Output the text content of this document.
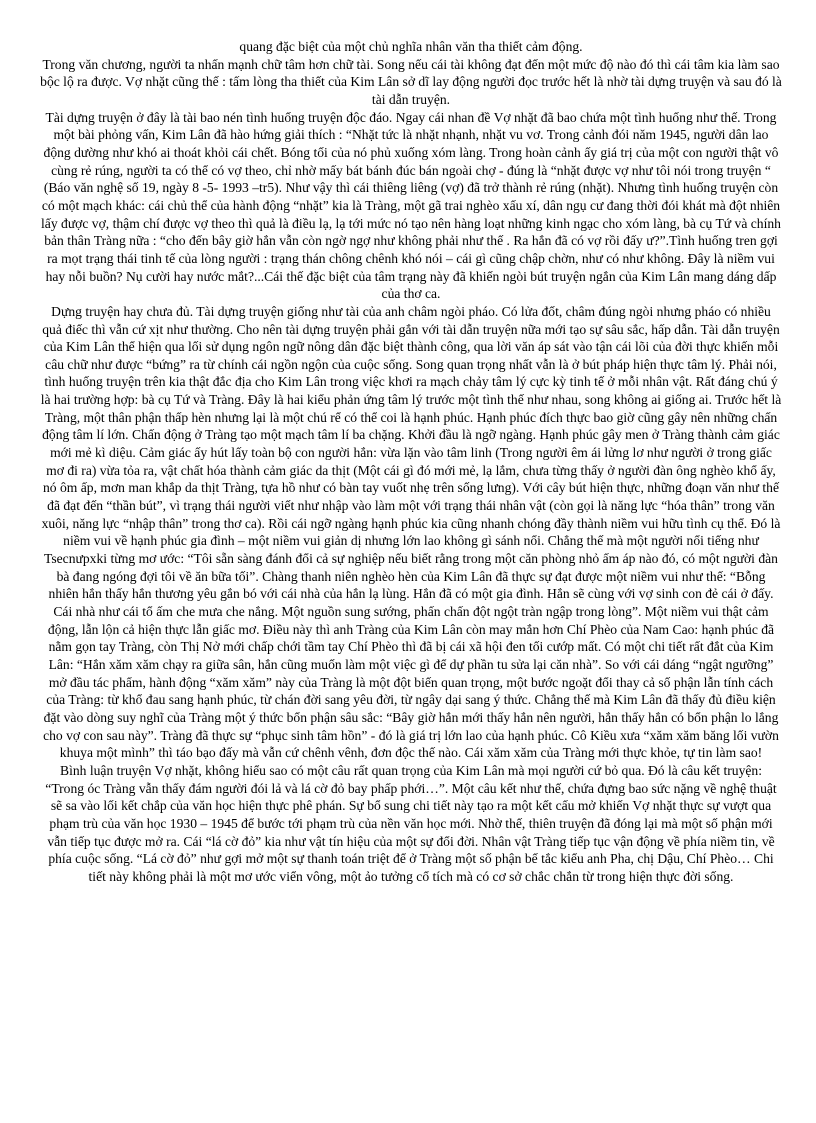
quang đặc biệt của một chủ nghĩa nhân văn tha thiết cảm động.

Trong văn chương, người ta nhấn mạnh chữ tâm hơn chữ tài. Song nếu cái tài không đạt đến một mức độ nào đó thì cái tâm kia làm sao bộc lộ ra được. Vợ nhặt cũng thế : tấm lòng tha thiết của Kim Lân sở dĩ lay động người đọc trước hết là nhờ tài dựng truyện và sau đó là tài dẫn truyện.

Tài dựng truyện ở đây là tài bao nén tình huống truyện độc đáo. Ngay cái nhan đề Vợ nhặt đã bao chứa một tình huống như thế. Trong một bài phỏng vấn, Kim Lân đã hào hứng giải thích : “Nhặt tức là nhặt nhạnh, nhặt vu vơ. Trong cảnh đói năm 1945, người dân lao động dường như khó ai thoát khỏi cái chết. Bóng tối của nó phủ xuống xóm làng. Trong hoàn cảnh ấy giá trị của một con người thật vô cùng rẻ rúng, người ta có thể có vợ theo, chỉ nhờ mấy bát bánh đúc bán ngoài chợ - đúng là “nhặt được vợ như tôi nói trong truyện “ (Báo văn nghệ số 19, ngày 8 -5- 1993 –tr5). Như vậy thì cái thiêng liêng (vợ) đã trở thành rẻ rúng (nhặt). Nhưng tình huống truyện còn có một mạch khác: cái chủ thể của hành động “nhặt” kia là Tràng, một gã trai nghèo xấu xí, dân ngụ cư đang thời đói khát mà đột nhiên lấy được vợ, thậm chí được vợ theo thì quả là điều lạ, lạ tới mức nó tạo nên hàng loạt những kinh ngạc cho xóm làng, bà cụ Tứ và chính bản thân Tràng nữa : “cho đến bây giờ hắn vẫn còn ngờ ngợ như không phải như thế . Ra hắn đã có vợ rồi đấy ư?”.Tình huống tren gợi ra mọt trạng thái tinh tế của lòng người : trạng thán chông chênh khó nói – cái gì cũng chập chờn, như có như không. Đây là niềm vui hay nỗi buồn? Nụ cười hay nước mắt?...Cái thế đặc biệt của tâm trạng này đã khiến ngòi bút truyện ngắn của Kim Lân mang dáng dấp của thơ ca.

Dựng truyện hay chưa đủ. Tài dựng truyện giống như tài của anh châm ngòi pháo. Có lửa đốt, châm đúng ngòi nhưng pháo có nhiều quả điếc thì vẫn cứ xịt như thường. Cho nên tài dựng truyện phải gắn với tài dẫn truyện nữa mới tạo sự sâu sắc, hấp dẫn. Tài dẫn truyện của Kim Lân thể hiện qua lối sử dụng ngôn ngữ nông dân đặc biệt thành công, qua lời văn áp sát vào tận cái lõi của đời thực khiến mỗi câu chữ như được “bứng” ra từ chính cái ngồn ngộn của cuộc sống. Song quan trọng nhất vẫn là ở bút pháp hiện thực tâm lý. Phải nói, tình huống truyện trên kia thật đắc địa cho Kim Lân trong việc khơi ra mạch chảy tâm lý cực kỳ tinh tế ở mỗi nhân vật. Rất đáng chú ý là hai trường hợp: bà cụ Tứ và Tràng. Đây là hai kiểu phản ứng tâm lý trước một tình thế như nhau, song không ai giống ai. Trước hết là Tràng, một thân phận thấp hèn nhưng lại là một chú rể có thể coi là hạnh phúc. Hạnh phúc đích thực bao giờ cũng gây nên những chấn động tâm lí lớn. Chấn động ở Tràng tạo một mạch tâm lí ba chặng. Khởi đầu là ngỡ ngàng. Hạnh phúc gây men ở Tràng thành cảm giác mới mẻ kì diệu. Cảm giác ấy hút lấy toàn bộ con người hắn: vừa lặn vào tâm linh (Trong người êm ái lửng lơ như người ở trong giấc mơ đi ra) vừa tỏa ra, vật chất hóa thành cảm giác da thịt (Một cái gì đó mới mẻ, lạ lắm, chưa từng thấy ở người đàn ông nghèo khổ ấy, nó ôm ấp, mơn man khắp da thịt Tràng, tựa hồ như có bàn tay vuốt nhẹ trên sống lưng). Với cây bút hiện thực, những đoạn văn như thế đã đạt đến “thần bút”, vì trạng thái người viết như nhập vào làm một với trạng thái nhân vật (còn gọi là năng lực “hóa thân” trong văn xuôi, năng lực “nhập thân” trong thơ ca). Rồi cái ngỡ ngàng hạnh phúc kia cũng nhanh chóng đầy thành niềm vui hữu tình cụ thể. Đó là niềm vui về hạnh phúc gia đình – một niềm vui giản dị nhưng lớn lao không gì sánh nổi. Chẳng thế mà một người nổi tiếng như Tsecnưpxki từng mơ ước: “Tôi sẵn sàng đánh đổi cả sự nghiệp nếu biết rằng trong một căn phòng nhỏ ấm áp nào đó, có một người đàn bà đang ngóng đợi tôi về ăn bữa tối”. Chàng thanh niên nghèo hèn của Kim Lân đã thực sự đạt được một niềm vui như thế: “Bỗng nhiên hắn thấy hắn thương yêu gắn bó với cái nhà của hắn lạ lùng. Hắn đã có một gia đình. Hắn sẽ cùng với vợ sinh con đẻ cái ở đấy. Cái nhà như cái tổ ấm che mưa che nắng. Một nguồn sung sướng, phấn chấn đột ngột tràn ngập trong lòng”. Một niềm vui thật cảm động, lẫn lộn cả hiện thực lẫn giấc mơ. Điều này thì anh Tràng của Kim Lân còn may mắn hơn Chí Phèo của Nam Cao: hạnh phúc đã nằm gọn tay Tràng, còn Thị Nở mới chấp chới tầm tay Chí Phèo thì đã bị cái xã hội đen tối cướp mất. Có một chi tiết rất đắt của Kim Lân: “Hắn xăm xăm chạy ra giữa sân, hắn cũng muốn làm một việc gì để dự phần tu sửa lại căn nhà”. So với cái dáng “ngật ngưỡng” mở đầu tác phẩm, hành động “xăm xăm” này của Tràng là một đột biến quan trọng, một bước ngoặt đổi thay cả số phận lẫn tính cách của Tràng: từ khổ đau sang hạnh phúc, từ chán đời sang yêu đời, từ ngây dại sang ý thức. Chẳng thế mà Kim Lân đã thấy đủ điều kiện đặt vào dòng suy nghĩ của Tràng một ý thức bổn phận sâu sắc: “Bây giờ hắn mới thấy hắn nên người, hắn thấy hắn có bổn phận lo lắng cho vợ con sau này”. Tràng đã thực sự “phục sinh tâm hồn” - đó là giá trị lớn lao của hạnh phúc. Cô Kiều xưa “xăm xăm băng lối vườn khuya một mình” thì táo bạo đấy mà vẫn cứ chênh vênh, đơn độc thế nào. Cái xăm xăm của Tràng mới thực khỏe, tự tin làm sao!

Bình luận truyện Vợ nhặt, không hiểu sao có một câu rất quan trọng của Kim Lân mà mọi người cứ bỏ qua. Đó là câu kết truyện: “Trong óc Tràng vẫn thấy đám người đói lả và lá cờ đỏ bay phấp phới…”. Một câu kết như thế, chứa đựng bao sức nặng về nghệ thuật sẽ sa vào lối kết chắp của văn học hiện thực phê phán. Sự bổ sung chi tiết này tạo ra một kết cấu mở khiến Vợ nhặt thực sự vượt qua phạm trù của văn học 1930 – 1945 để bước tới phạm trù của nền văn học mới. Nhờ thế, thiên truyện đã đóng lại mà một số phận mới vẫn tiếp tục được mở ra. Cái “lá cờ đỏ” kia như vật tín hiệu của một sự đổi đời. Nhân vật Tràng tiếp tục vận động về phía niềm tin, về phía cuộc sống. “Lá cờ đỏ” như gợi mở một sự thanh toán triệt để ở Tràng một số phận bế tắc kiểu anh Pha, chị Dậu, Chí Phèo… Chi tiết này không phải là một mơ ước viển vông, một ảo tưởng cổ tích mà có cơ sở chắc chắn từ trong hiện thực đời sống.
